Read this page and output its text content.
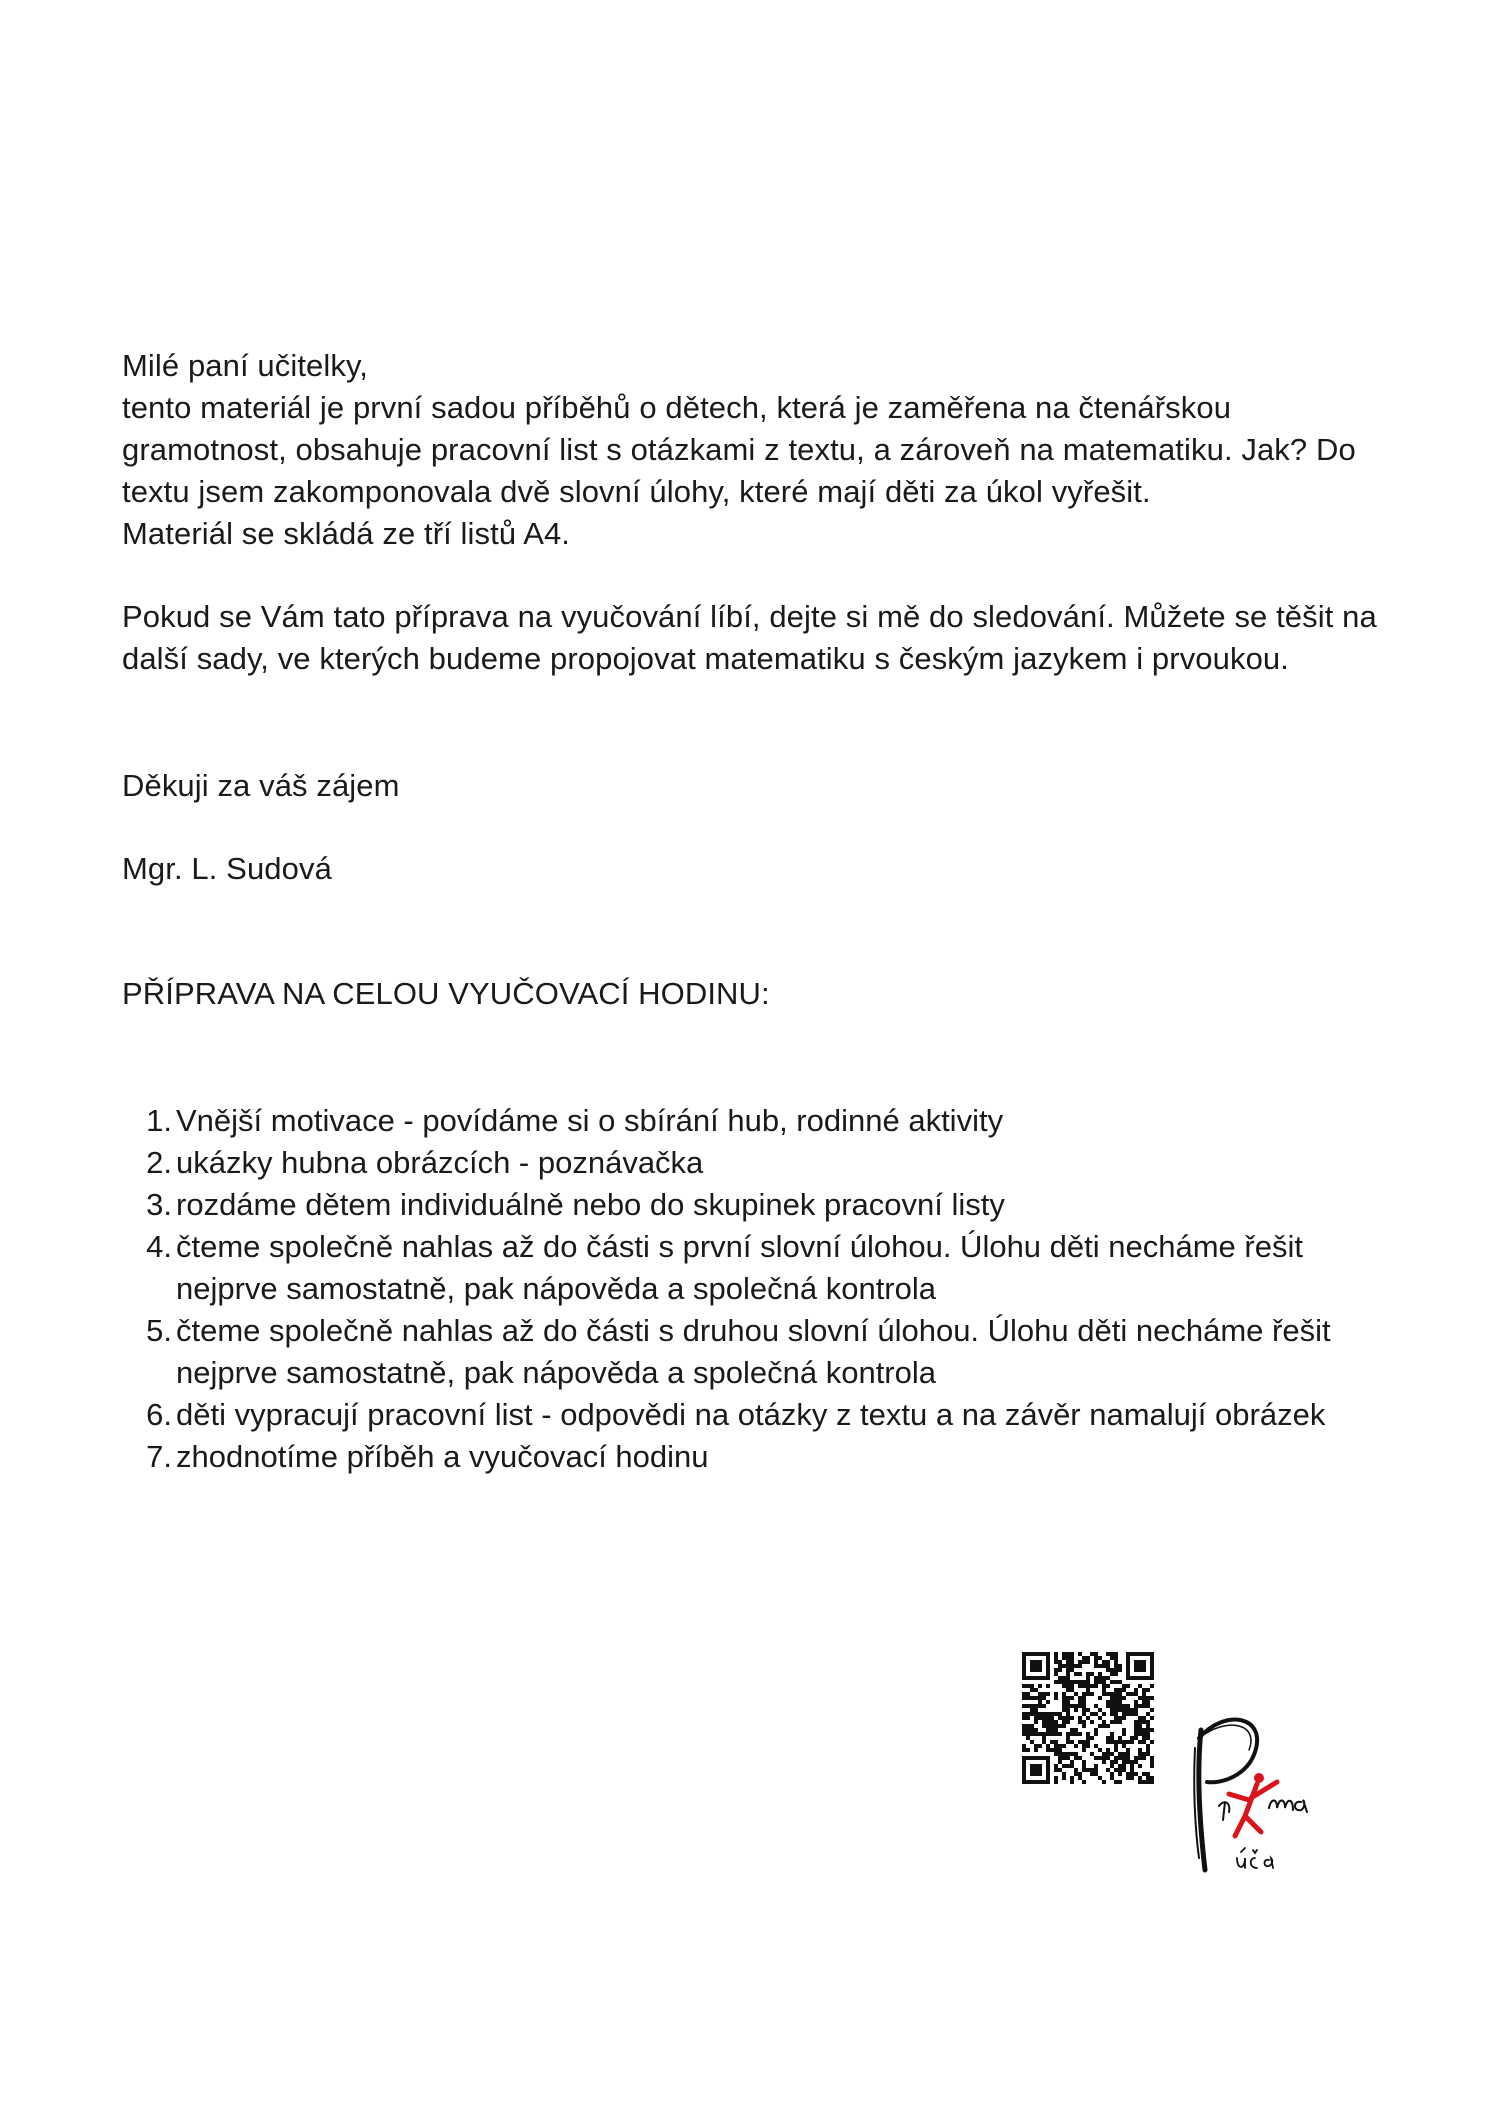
Milé paní učitelky,

tento materiál je první sadou příběhů o dětech, která je zaměřena na čtenářskou

gramotnost, obsahuje pracovní list s otázkami z textu, a zároveň na matematiku. Jak? Do

textu jsem zakomponovala dvě slovní úlohy, které mají děti za úkol vyřešit.

Materiál se skládá ze tří listů A4.

Pokud se Vám tato příprava na vyučování líbí, dejte si mě do sledování. Můžete se těšit na

další sady, ve kterých budeme propojovat matematiku s českým jazykem i prvoukou.

Děkuji za váš zájem
Mgr. L. Sudová
PŘÍPRAVA NA CELOU VYUČOVACÍ HODINU:
1. Vnější motivace - povídáme si o sbírání hub, rodinné aktivity
2. ukázky hubna obrázcích - poznávačka
3. rozdáme dětem individuálně nebo do skupinek pracovní listy
4. čteme společně nahlas až do části s první slovní úlohou. Úlohu děti necháme řešit
nejprve samostatně, pak nápověda a společná kontrola
5. čteme společně nahlas až do části s druhou slovní úlohou. Úlohu děti necháme řešit
nejprve samostatně, pak nápověda a společná kontrola
6. děti vypracují pracovní list - odpovědi na otázky z textu a na závěr namalují obrázek
7. zhodnotíme příběh a vyučovací hodinu
